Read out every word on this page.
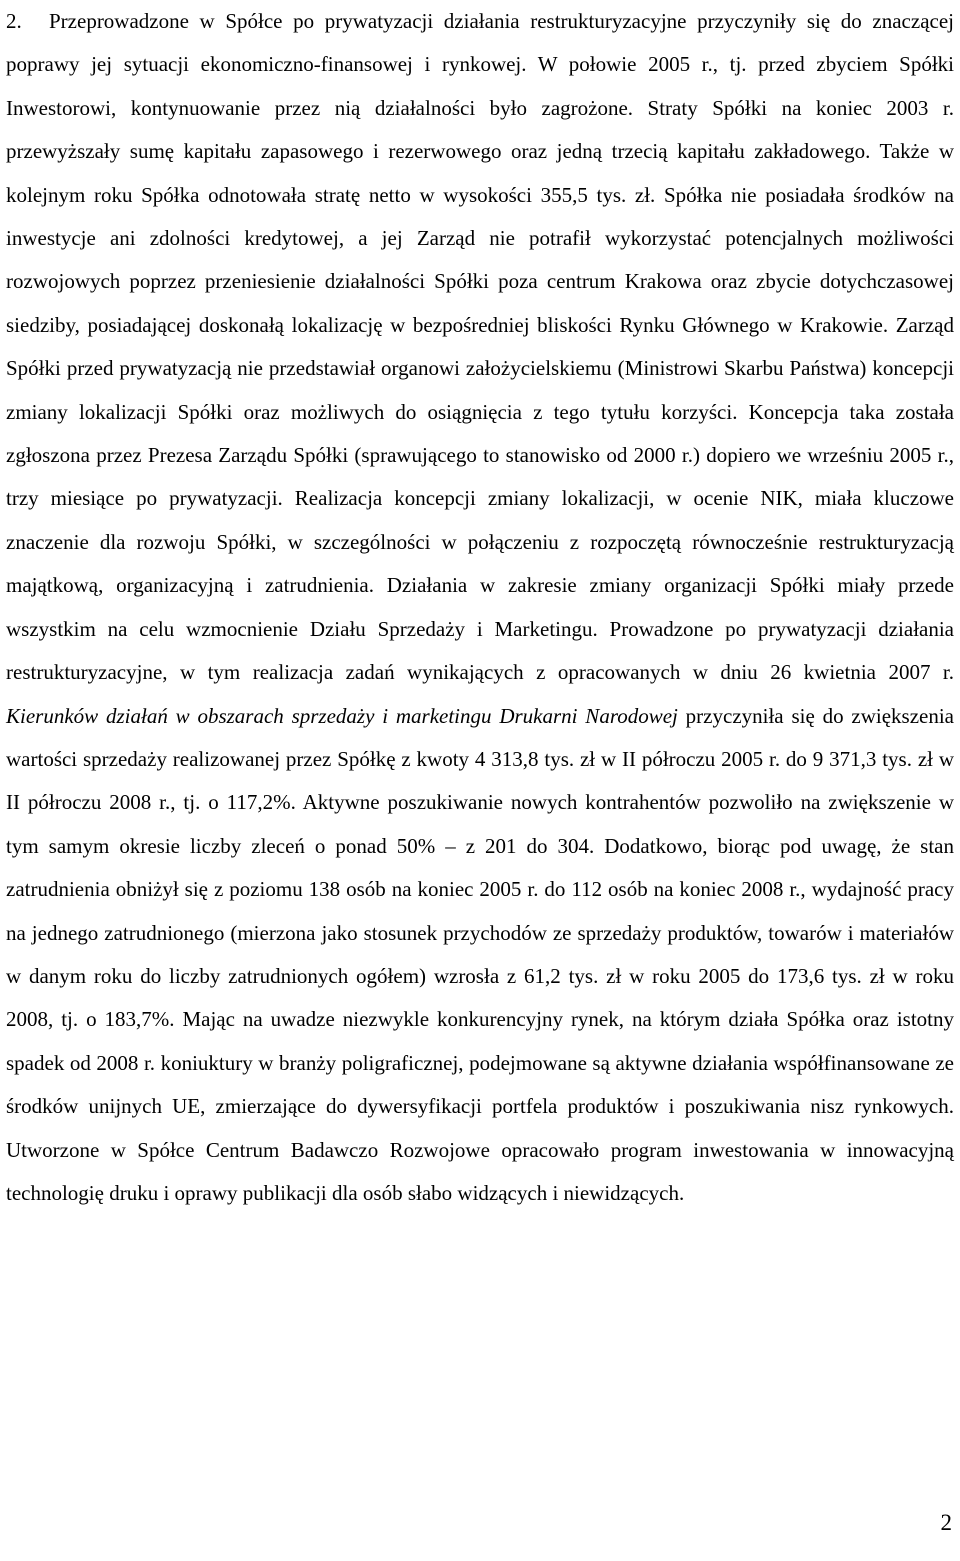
2. Przeprowadzone w Spółce po prywatyzacji działania restrukturyzacyjne przyczyniły się do znaczącej poprawy jej sytuacji ekonomiczno-finansowej i rynkowej. W połowie 2005 r., tj. przed zbyciem Spółki Inwestorowi, kontynuowanie przez nią działalności było zagrożone. Straty Spółki na koniec 2003 r. przewyższały sumę kapitału zapasowego i rezerwowego oraz jedną trzecią kapitału zakładowego. Także w kolejnym roku Spółka odnotowała stratę netto w wysokości 355,5 tys. zł. Spółka nie posiadała środków na inwestycje ani zdolności kredytowej, a jej Zarząd nie potrafił wykorzystać potencjalnych możliwości rozwojowych poprzez przeniesienie działalności Spółki poza centrum Krakowa oraz zbycie dotychczasowej siedziby, posiadającej doskonałą lokalizację w bezpośredniej bliskości Rynku Głównego w Krakowie. Zarząd Spółki przed prywatyzacją nie przedstawiał organowi założycielskiemu (Ministrowi Skarbu Państwa) koncepcji zmiany lokalizacji Spółki oraz możliwych do osiągnięcia z tego tytułu korzyści. Koncepcja taka została zgłoszona przez Prezesa Zarządu Spółki (sprawującego to stanowisko od 2000 r.) dopiero we wrześniu 2005 r., trzy miesiące po prywatyzacji. Realizacja koncepcji zmiany lokalizacji, w ocenie NIK, miała kluczowe znaczenie dla rozwoju Spółki, w szczególności w połączeniu z rozpoczętą równocześnie restrukturyzacją majątkową, organizacyjną i zatrudnienia. Działania w zakresie zmiany organizacji Spółki miały przede wszystkim na celu wzmocnienie Działu Sprzedaży i Marketingu. Prowadzone po prywatyzacji działania restrukturyzacyjne, w tym realizacja zadań wynikających z opracowanych w dniu 26 kwietnia 2007 r. Kierunków działań w obszarach sprzedaży i marketingu Drukarni Narodowej przyczyniła się do zwiększenia wartości sprzedaży realizowanej przez Spółkę z kwoty 4 313,8 tys. zł w II półroczu 2005 r. do 9 371,3 tys. zł w II półroczu 2008 r., tj. o 117,2%. Aktywne poszukiwanie nowych kontrahentów pozwoliło na zwiększenie w tym samym okresie liczby zleceń o ponad 50% – z 201 do 304. Dodatkowo, biorąc pod uwagę, że stan zatrudnienia obniżył się z poziomu 138 osób na koniec 2005 r. do 112 osób na koniec 2008 r., wydajność pracy na jednego zatrudnionego (mierzona jako stosunek przychodów ze sprzedaży produktów, towarów i materiałów w danym roku do liczby zatrudnionych ogółem) wzrosła z 61,2 tys. zł w roku 2005 do 173,6 tys. zł w roku 2008, tj. o 183,7%. Mając na uwadze niezwykle konkurencyjny rynek, na którym działa Spółka oraz istotny spadek od 2008 r. koniuktury w branży poligraficznej, podejmowane są aktywne działania współfinansowane ze środków unijnych UE, zmierzające do dywersyfikacji portfela produktów i poszukiwania nisz rynkowych. Utworzone w Spółce Centrum Badawczo Rozwojowe opracowało program inwestowania w innowacyjną technologię druku i oprawy publikacji dla osób słabo widzących i niewidzących.

2
